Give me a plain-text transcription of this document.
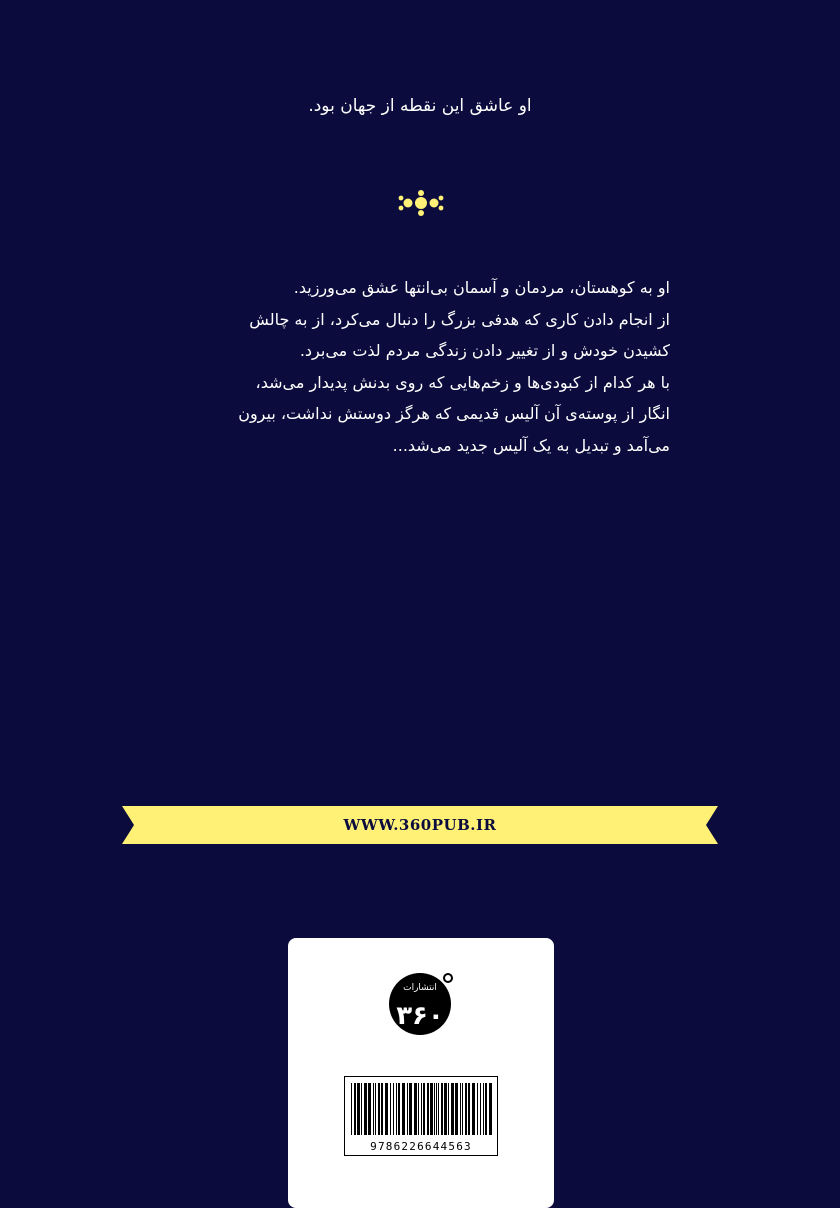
او عاشق این نقطه از جهان بود.

او به کوهستان، مردمان و آسمان بی‌انتها عشق می‌ورزید.

از انجام دادن کاری که هدفی بزرگ را دنبال می‌کرد، از به چالش

کشیدن خودش و از تغییر دادن زندگی مردم لذت می‌برد.

با هر کدام از کبودی‌ها و زخم‌هایی که روی بدنش پدیدار می‌شد،

انگار از پوسته‌ی آن آلیس قدیمی که هرگز دوستش نداشت، بیرون

می‌آمد و تبدیل به یک آلیس جدید می‌شد...

WWW.360PUB.IR
انتشارات
۳۶۰
9786226644563
